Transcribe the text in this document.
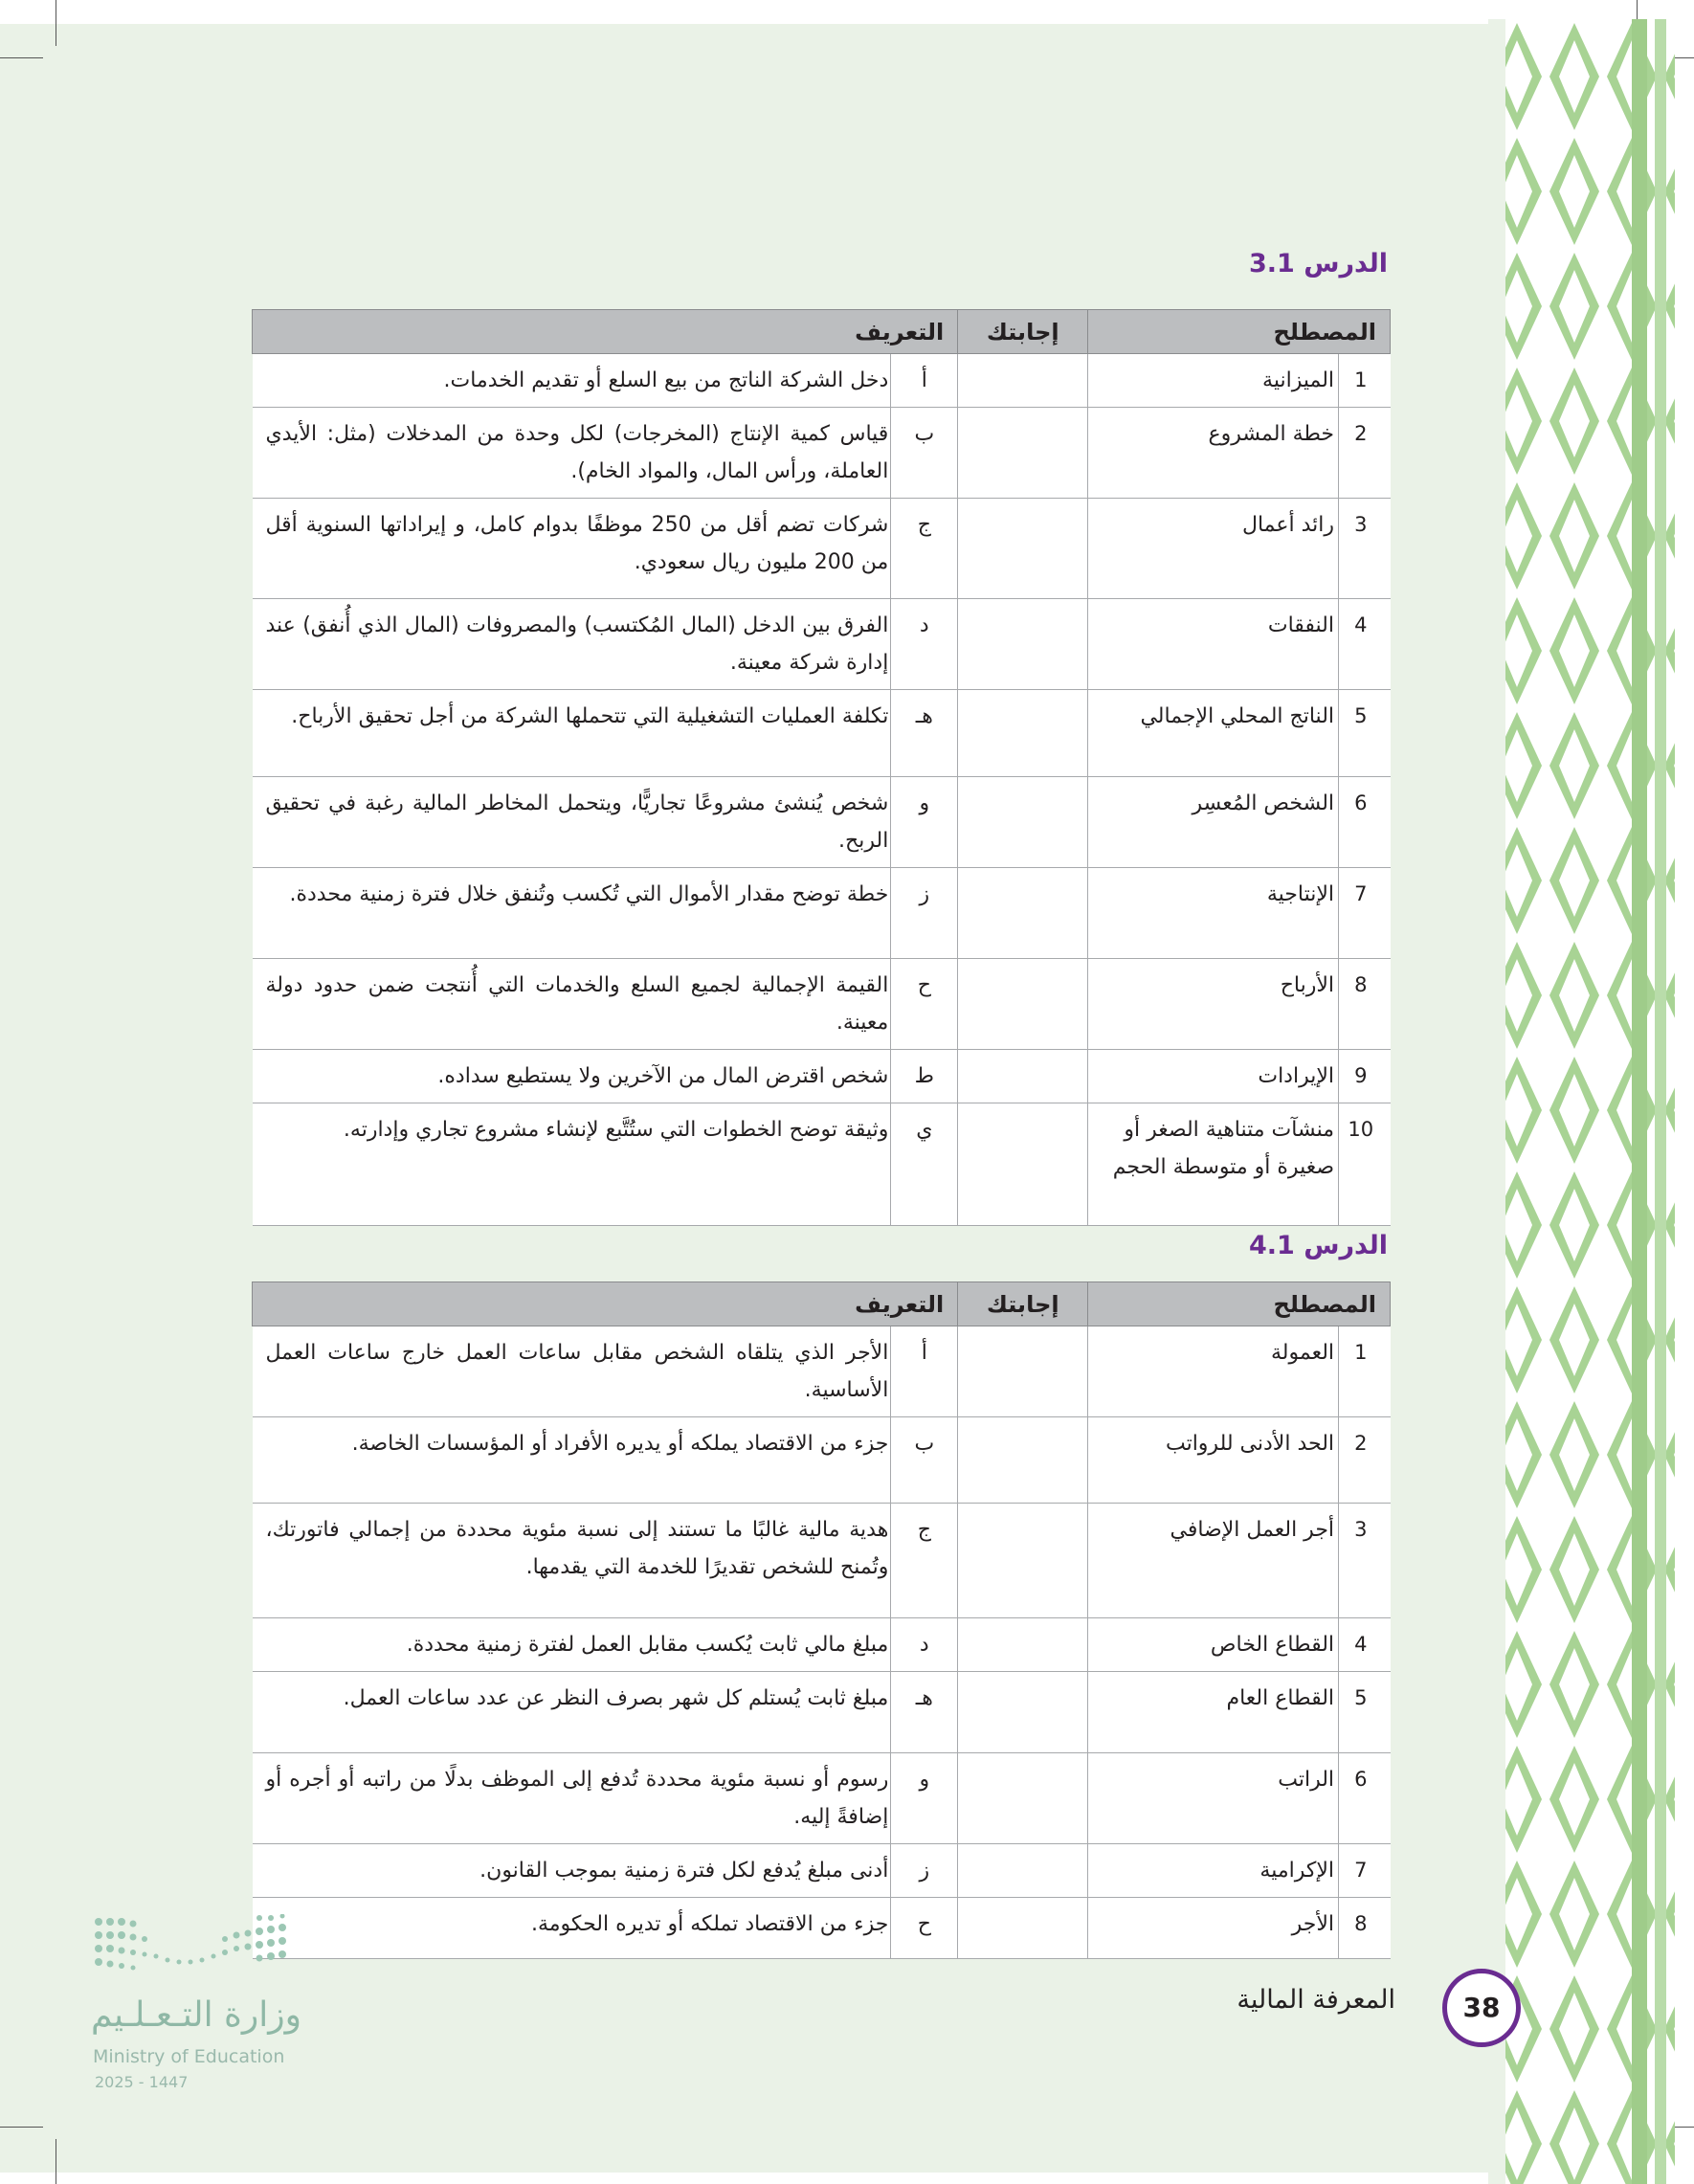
الدرس 3.1
المصطلح		إجابتك	التعريف	
1	الميزانية		أ	دخل الشركة الناتج من بيع السلع أو تقديم الخدمات.
2	خطة المشروع		ب	قياس كمية الإنتاج (المخرجات) لكل وحدة من المدخلات (مثل: الأيدي العاملة، ورأس المال، والمواد الخام).
3	رائد أعمال		ج	شركات تضم أقل من 250 موظفًا بدوام كامل، و إيراداتها السنوية أقل من 200 مليون ريال سعودي.
4	النفقات		د	الفرق بين الدخل (المال المُكتسب) والمصروفات (المال الذي أُنفق) عند إدارة شركة معينة.
5	الناتج المحلي الإجمالي		هـ	تكلفة العمليات التشغيلية التي تتحملها الشركة من أجل تحقيق الأرباح.
6	الشخص المُعسِر		و	شخص يُنشئ مشروعًا تجاريًّا، ويتحمل المخاطر المالية رغبة في تحقيق الربح.
7	الإنتاجية		ز	خطة توضح مقدار الأموال التي تُكسب وتُنفق خلال فترة زمنية محددة.
8	الأرباح		ح	القيمة الإجمالية لجميع السلع والخدمات التي أُنتجت ضمن حدود دولة معينة.
9	الإيرادات		ط	شخص اقترض المال من الآخرين ولا يستطيع سداده.
10	منشآت متناهية الصغر أو صغيرة أو متوسطة الحجم		ي	وثيقة توضح الخطوات التي ستُتَّبع لإنشاء مشروع تجاري وإدارته.
الدرس 4.1
المصطلح		إجابتك	التعريف	
1	العمولة		أ	الأجر الذي يتلقاه الشخص مقابل ساعات العمل خارج ساعات العمل الأساسية.
2	الحد الأدنى للرواتب		ب	جزء من الاقتصاد يملكه أو يديره الأفراد أو المؤسسات الخاصة.
3	أجر العمل الإضافي		ج	هدية مالية غالبًا ما تستند إلى نسبة مئوية محددة من إجمالي فاتورتك، وتُمنح للشخص تقديرًا للخدمة التي يقدمها.
4	القطاع الخاص		د	مبلغ مالي ثابت يُكسب مقابل العمل لفترة زمنية محددة.
5	القطاع العام		هـ	مبلغ ثابت يُستلم كل شهر بصرف النظر عن عدد ساعات العمل.
6	الراتب		و	رسوم أو نسبة مئوية محددة تُدفع إلى الموظف بدلًا من راتبه أو أجره أو إضافةً إليه.
7	الإكرامية		ز	أدنى مبلغ يُدفع لكل فترة زمنية بموجب القانون.
8	الأجر		ح	جزء من الاقتصاد تملكه أو تديره الحكومة.
وزارة التـعـلـيم
Ministry of Education
2025 - 1447
38
المعرفة المالية
